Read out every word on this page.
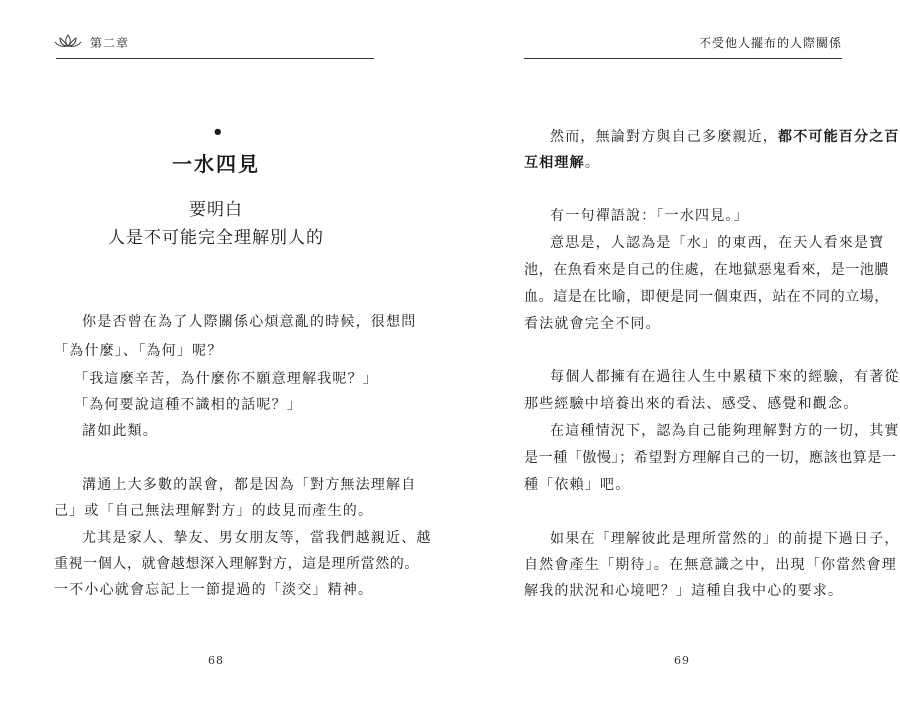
第二章
•
一水四見
要明白
人是不可能完全理解別人的
你是否曾在為了人際關係心煩意亂的時候，很想問
「為什麼」、「為何」呢？
「我這麼辛苦，為什麼你不願意理解我呢？」
「為何要說這種不識相的話呢？」
諸如此類。
溝通上大多數的誤會，都是因為「對方無法理解自
己」或「自己無法理解對方」的歧見而產生的。
尤其是家人、摯友、男女朋友等，當我們越親近、越
重視一個人，就會越想深入理解對方，這是理所當然的。
一不小心就會忘記上一節提過的「淡交」精神。
68
不受他人擺布的人際關係
然而，無論對方與自己多麼親近，都不可能百分之百
互相理解。
有一句禪語說：「一水四見。」
意思是，人認為是「水」的東西，在天人看來是寶
池，在魚看來是自己的住處，在地獄惡鬼看來，是一池膿
血。這是在比喻，即便是同一個東西，站在不同的立場，
看法就會完全不同。
每個人都擁有在過往人生中累積下來的經驗，有著從
那些經驗中培養出來的看法、感受、感覺和觀念。
在這種情況下，認為自己能夠理解對方的一切，其實
是一種「傲慢」；希望對方理解自己的一切，應該也算是一
種「依賴」吧。
如果在「理解彼此是理所當然的」的前提下過日子，
自然會產生「期待」。在無意識之中，出現「你當然會理
解我的狀況和心境吧？」這種自我中心的要求。
69
